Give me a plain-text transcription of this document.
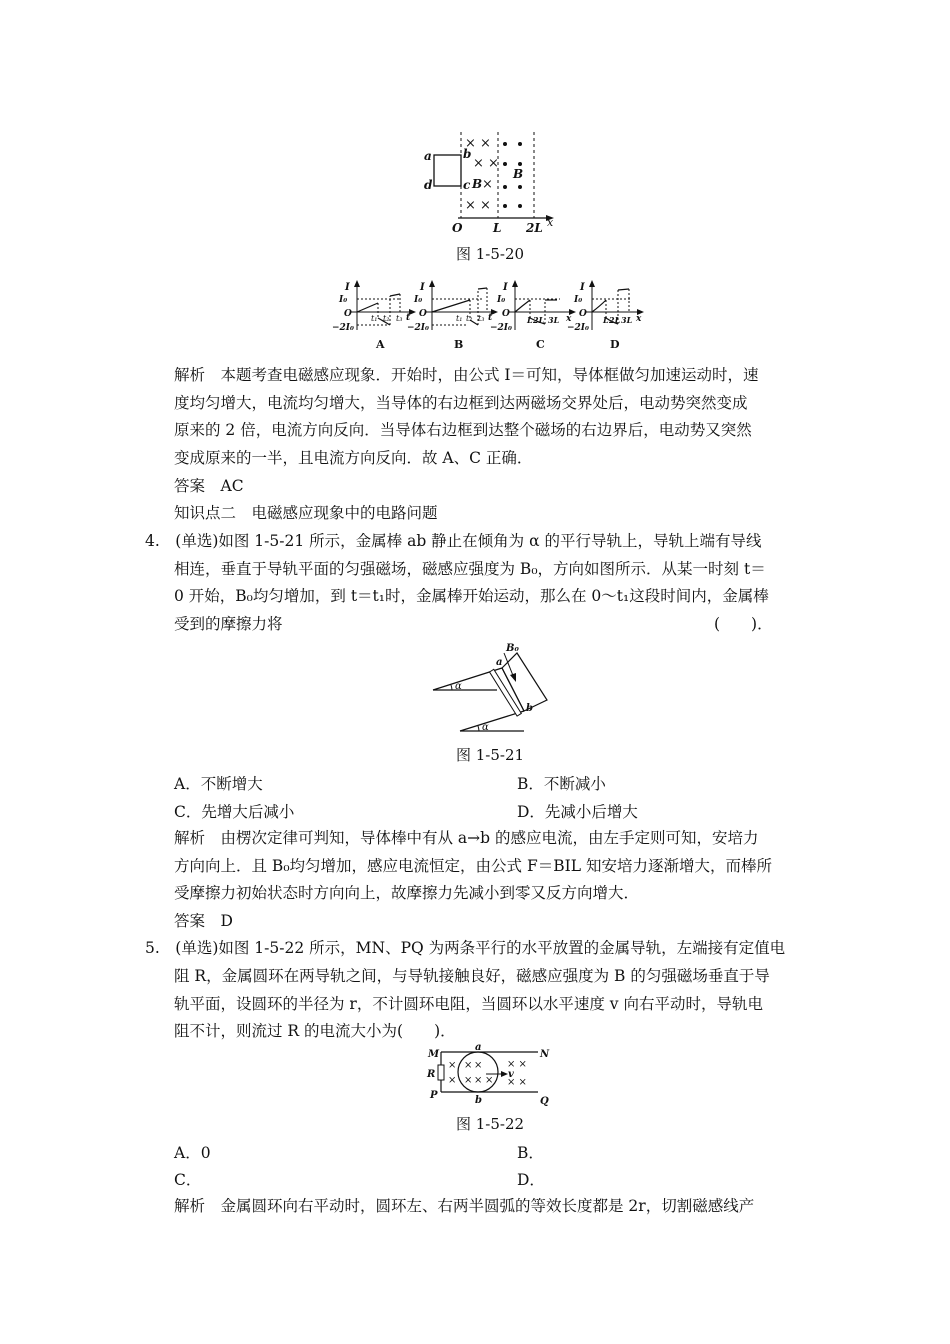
a
d
b
c
× ×
× ×
×
× ×
B
B
O	L 2L x
图 1-5-20
I
I₀
O
−2I₀
t₁ t₂ t₃ t
A
I
I₀
O
−2I₀
t₁ t₂ t₃ t
B
I
I₀
O
−2I₀
L 2L 3L x
C
I
I₀
O
−2I₀
L 2L 3L x
D
解析　本题考查电磁感应现象．开始时，由公式 I＝可知，导体框做匀加速运动时，速
度均匀增大，电流均匀增大，当导体的右边框到达两磁场交界处后，电动势突然变成
原来的 2 倍，电流方向反向．当导体右边框到达整个磁场的右边界后，电动势又突然
变成原来的一半，且电流方向反向．故 A、C 正确．
答案　AC
知识点二　电磁感应现象中的电路问题
4.　(单选)如图 1-5-21 所示，金属棒 ab 静止在倾角为 α 的平行导轨上，导轨上端有导线
相连，垂直于导轨平面的匀强磁场，磁感应强度为 B₀，方向如图所示．从某一时刻 t＝
0 开始，B₀均匀增加，到 t＝t₁时，金属棒开始运动，那么在 0～t₁这段时间内，金属棒
受到的摩擦力将	(　　)．
α
α
B₀
a
b
图 1-5-21
A．不断增大	B．不断减小
C．先增大后减小	D．先减小后增大
解析　由楞次定律可判知，导体棒中有从 a→b 的感应电流，由左手定则可知，安培力
方向向上．且 B₀均匀增加，感应电流恒定，由公式 F＝BIL 知安培力逐渐增大，而棒所
受摩擦力初始状态时方向向上，故摩擦力先减小到零又反方向增大．
答案　D
5.　(单选)如图 1-5-22 所示，MN、PQ 为两条平行的水平放置的金属导轨，左端接有定值电
阻 R，金属圆环在两导轨之间，与导轨接触良好，磁感应强度为 B 的匀强磁场垂直于导
轨平面，设圆环的半径为 r，不计圆环电阻，当圆环以水平速度 v 向右平动时，导轨电
阻不计，则流过 R 的电流大小为(　　)．
×
×
× ×
× × ×
× ×
× ×
v
M	N
P
Q
R
a
b
图 1-5-22
A．0	B．
C．	D．
解析　金属圆环向右平动时，圆环左、右两半圆弧的等效长度都是 2r，切割磁感线产
